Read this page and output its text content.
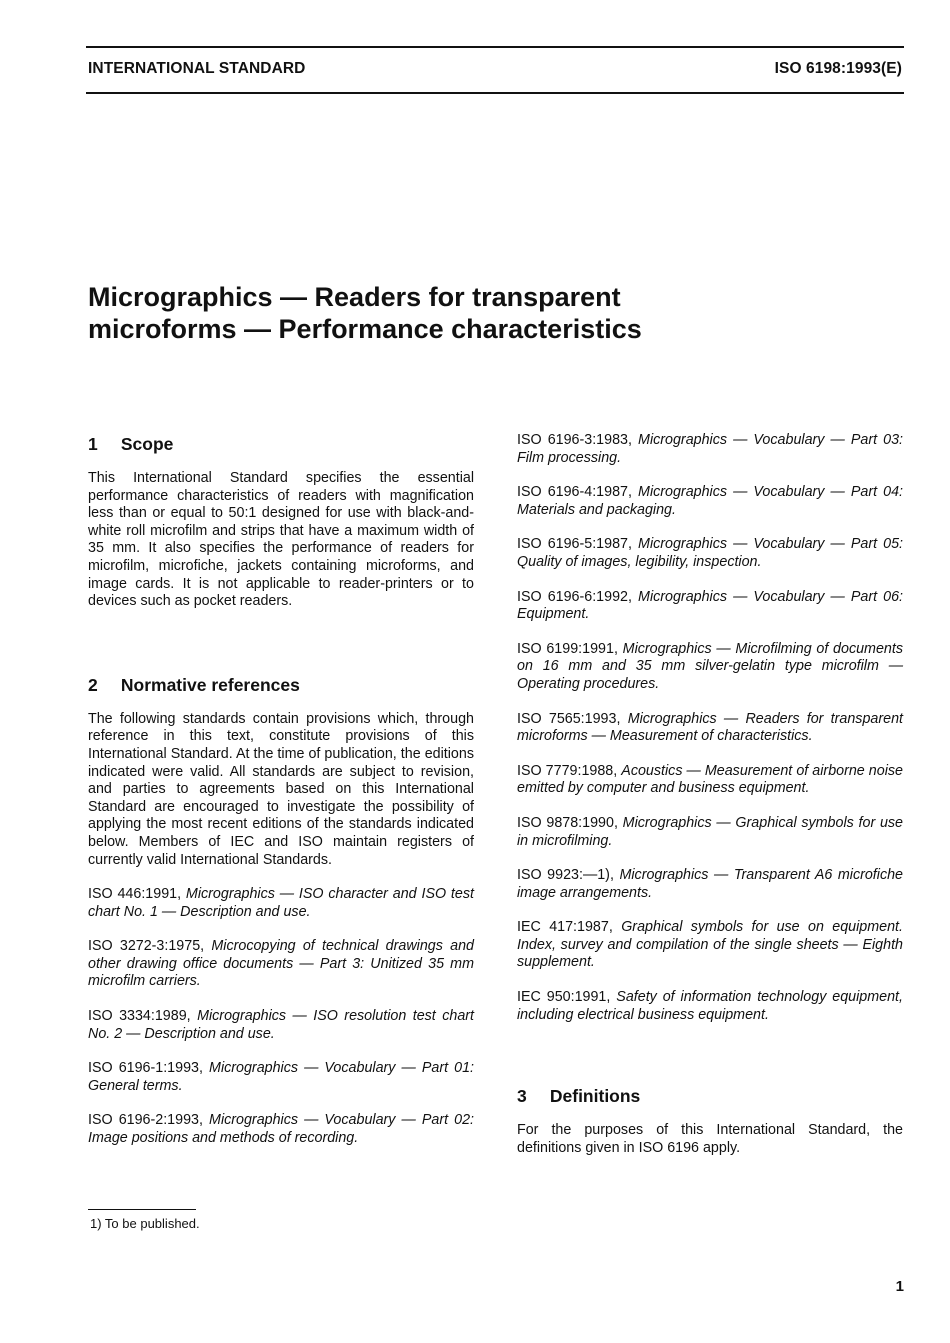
INTERNATIONAL STANDARD	ISO 6198:1993(E)
Micrographics — Readers for transparent
microforms — Performance characteristics
1 Scope

This International Standard specifies the essential performance characteristics of readers with magnification less than or equal to 50:1 designed for use with black-and-white roll microfilm and strips that have a maximum width of 35 mm. It also specifies the performance of readers for microfilm, microfiche, jackets containing microforms, and image cards. It is not applicable to reader-printers or to devices such as pocket readers.

2 Normative references

The following standards contain provisions which, through reference in this text, constitute provisions of this International Standard. At the time of publication, the editions indicated were valid. All standards are subject to revision, and parties to agreements based on this International Standard are encouraged to investigate the possibility of applying the most recent editions of the standards indicated below. Members of IEC and ISO maintain registers of currently valid International Standards.

ISO 446:1991, Micrographics — ISO character and ISO test chart No. 1 — Description and use.

ISO 3272-3:1975, Microcopying of technical drawings and other drawing office documents — Part 3: Unitized 35 mm microfilm carriers.

ISO 3334:1989, Micrographics — ISO resolution test chart No. 2 — Description and use.

ISO 6196-1:1993, Micrographics — Vocabulary — Part 01: General terms.

ISO 6196-2:1993, Micrographics — Vocabulary — Part 02: Image positions and methods of recording.

ISO 6196-3:1983, Micrographics — Vocabulary — Part 03: Film processing.

ISO 6196-4:1987, Micrographics — Vocabulary — Part 04: Materials and packaging.

ISO 6196-5:1987, Micrographics — Vocabulary — Part 05: Quality of images, legibility, inspection.

ISO 6196-6:1992, Micrographics — Vocabulary — Part 06: Equipment.

ISO 6199:1991, Micrographics — Microfilming of documents on 16 mm and 35 mm silver-gelatin type microfilm — Operating procedures.

ISO 7565:1993, Micrographics — Readers for transparent microforms — Measurement of characteristics.

ISO 7779:1988, Acoustics — Measurement of airborne noise emitted by computer and business equipment.

ISO 9878:1990, Micrographics — Graphical symbols for use in microfilming.

ISO 9923:—1), Micrographics — Transparent A6 microfiche image arrangements.

IEC 417:1987, Graphical symbols for use on equipment. Index, survey and compilation of the single sheets — Eighth supplement.

IEC 950:1991, Safety of information technology equipment, including electrical business equipment.

3 Definitions

For the purposes of this International Standard, the definitions given in ISO 6196 apply.

1) To be published.
1
